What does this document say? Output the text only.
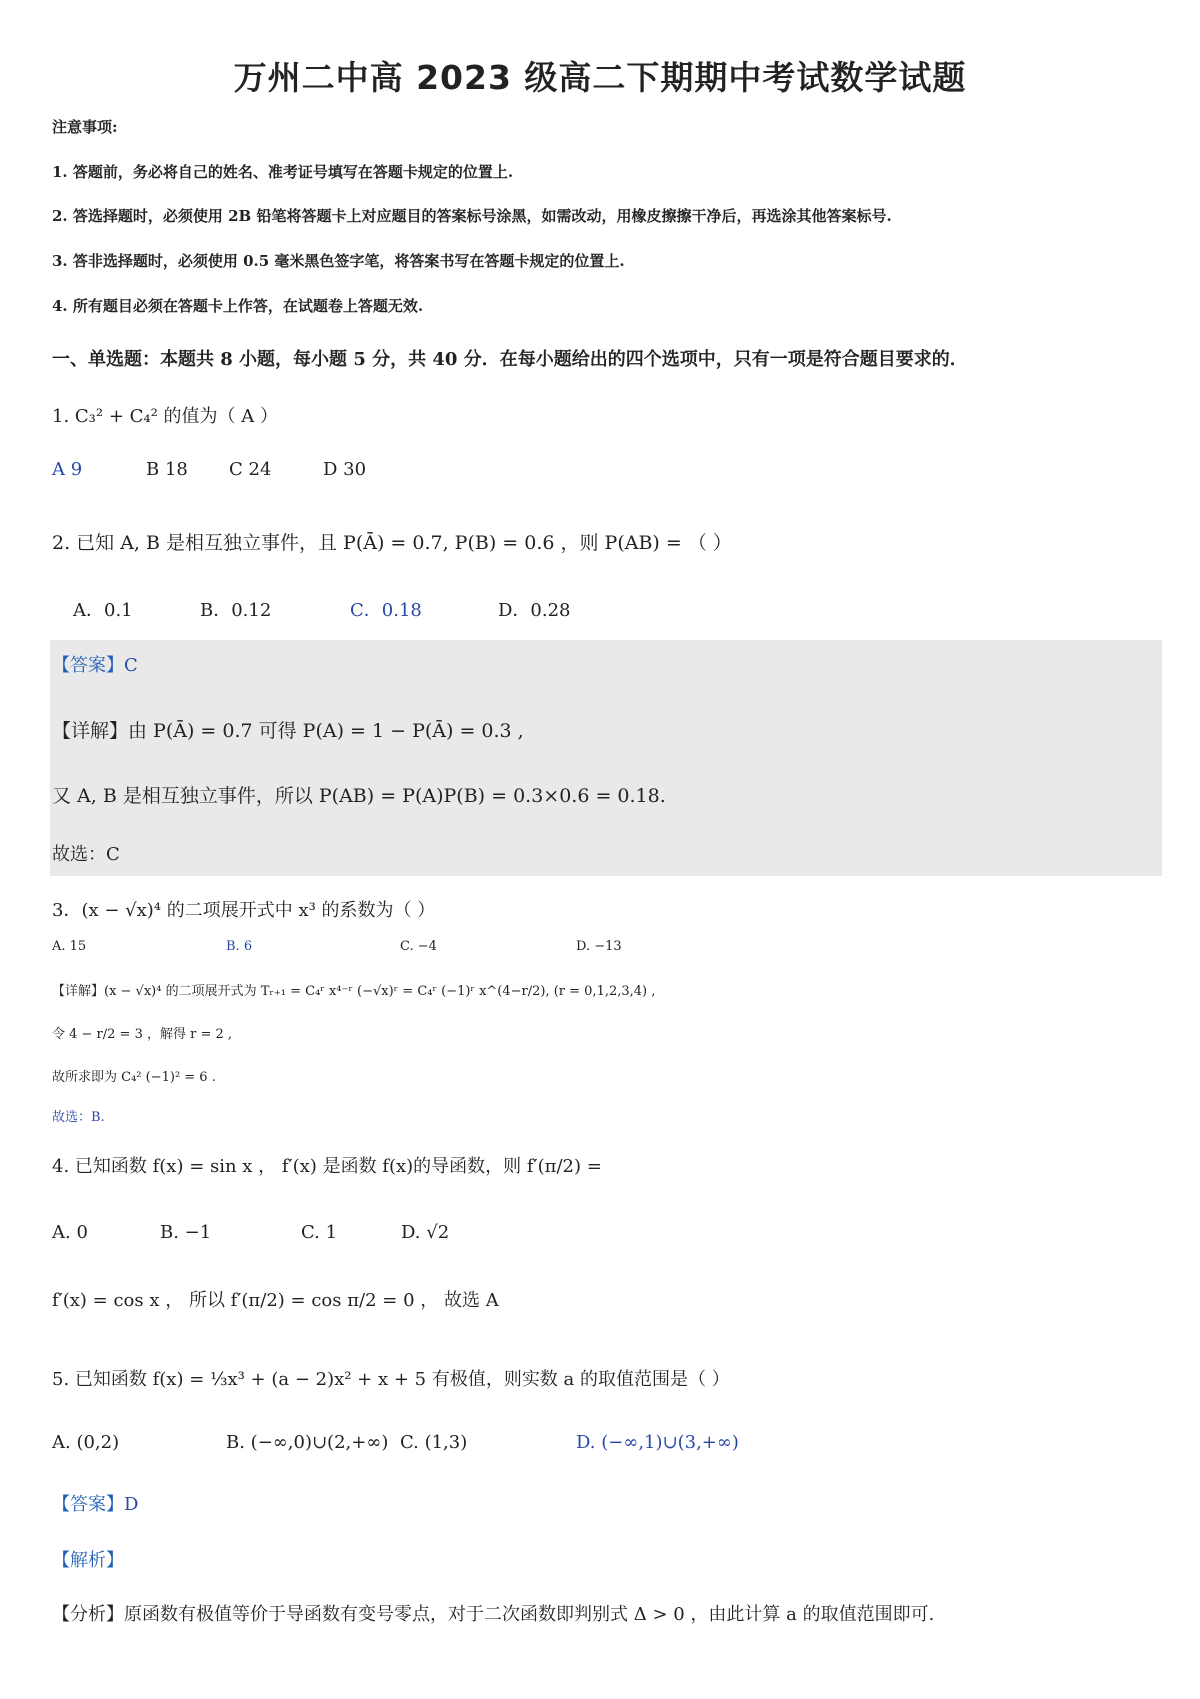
万州二中高 2023 级高二下期期中考试数学试题
注意事项:
1. 答题前，务必将自己的姓名、准考证号填写在答题卡规定的位置上.
2. 答选择题时，必须使用 2B 铅笔将答题卡上对应题目的答案标号涂黑，如需改动，用橡皮擦擦干净后，再选涂其他答案标号.
3. 答非选择题时，必须使用 0.5 毫米黑色签字笔，将答案书写在答题卡规定的位置上.
4. 所有题目必须在答题卡上作答，在试题卷上答题无效.
一、单选题：本题共 8 小题，每小题 5 分，共 40 分．在每小题给出的四个选项中，只有一项是符合题目要求的．
1. C₃² + C₄² 的值为（ A ）
A 9	B 18 C 24	D 30
2. 已知 A, B 是相互独立事件，且 P(Ā) = 0.7, P(B) = 0.6 ，则 P(AB) = （ ）
A．0.1	B．0.12	C．0.18	D．0.28
【答案】C
【详解】由 P(Ā) = 0.7 可得 P(A) = 1 − P(Ā) = 0.3 ,
又 A, B 是相互独立事件，所以 P(AB) = P(A)P(B) = 0.3×0.6 = 0.18.
故选：C
3．(x − √x)⁴ 的二项展开式中 x³ 的系数为（ ）
A. 15	B. 6	C. −4	D. −13
【详解】(x − √x)⁴ 的二项展开式为 Tᵣ₊₁ = C₄ʳ x⁴⁻ʳ (−√x)ʳ = C₄ʳ (−1)ʳ x^(4−r/2), (r = 0,1,2,3,4) ,
令 4 − r/2 = 3 ，解得 r = 2 ,
故所求即为 C₄² (−1)² = 6 .
故选：B.
4. 已知函数 f(x) = sin x ， f′(x) 是函数 f(x)的导函数，则 f′(π/2) =
A. 0	B. −1	C. 1	D. √2
f′(x) = cos x ， 所以 f′(π/2) = cos π/2 = 0 ， 故选 A
5. 已知函数 f(x) = ⅓x³ + (a − 2)x² + x + 5 有极值，则实数 a 的取值范围是（ ）
A. (0,2)	B. (−∞,0)∪(2,+∞) C. (1,3)	D. (−∞,1)∪(3,+∞)
【答案】D
【解析】
【分析】原函数有极值等价于导函数有变号零点，对于二次函数即判别式 Δ > 0 ，由此计算 a 的取值范围即可.
